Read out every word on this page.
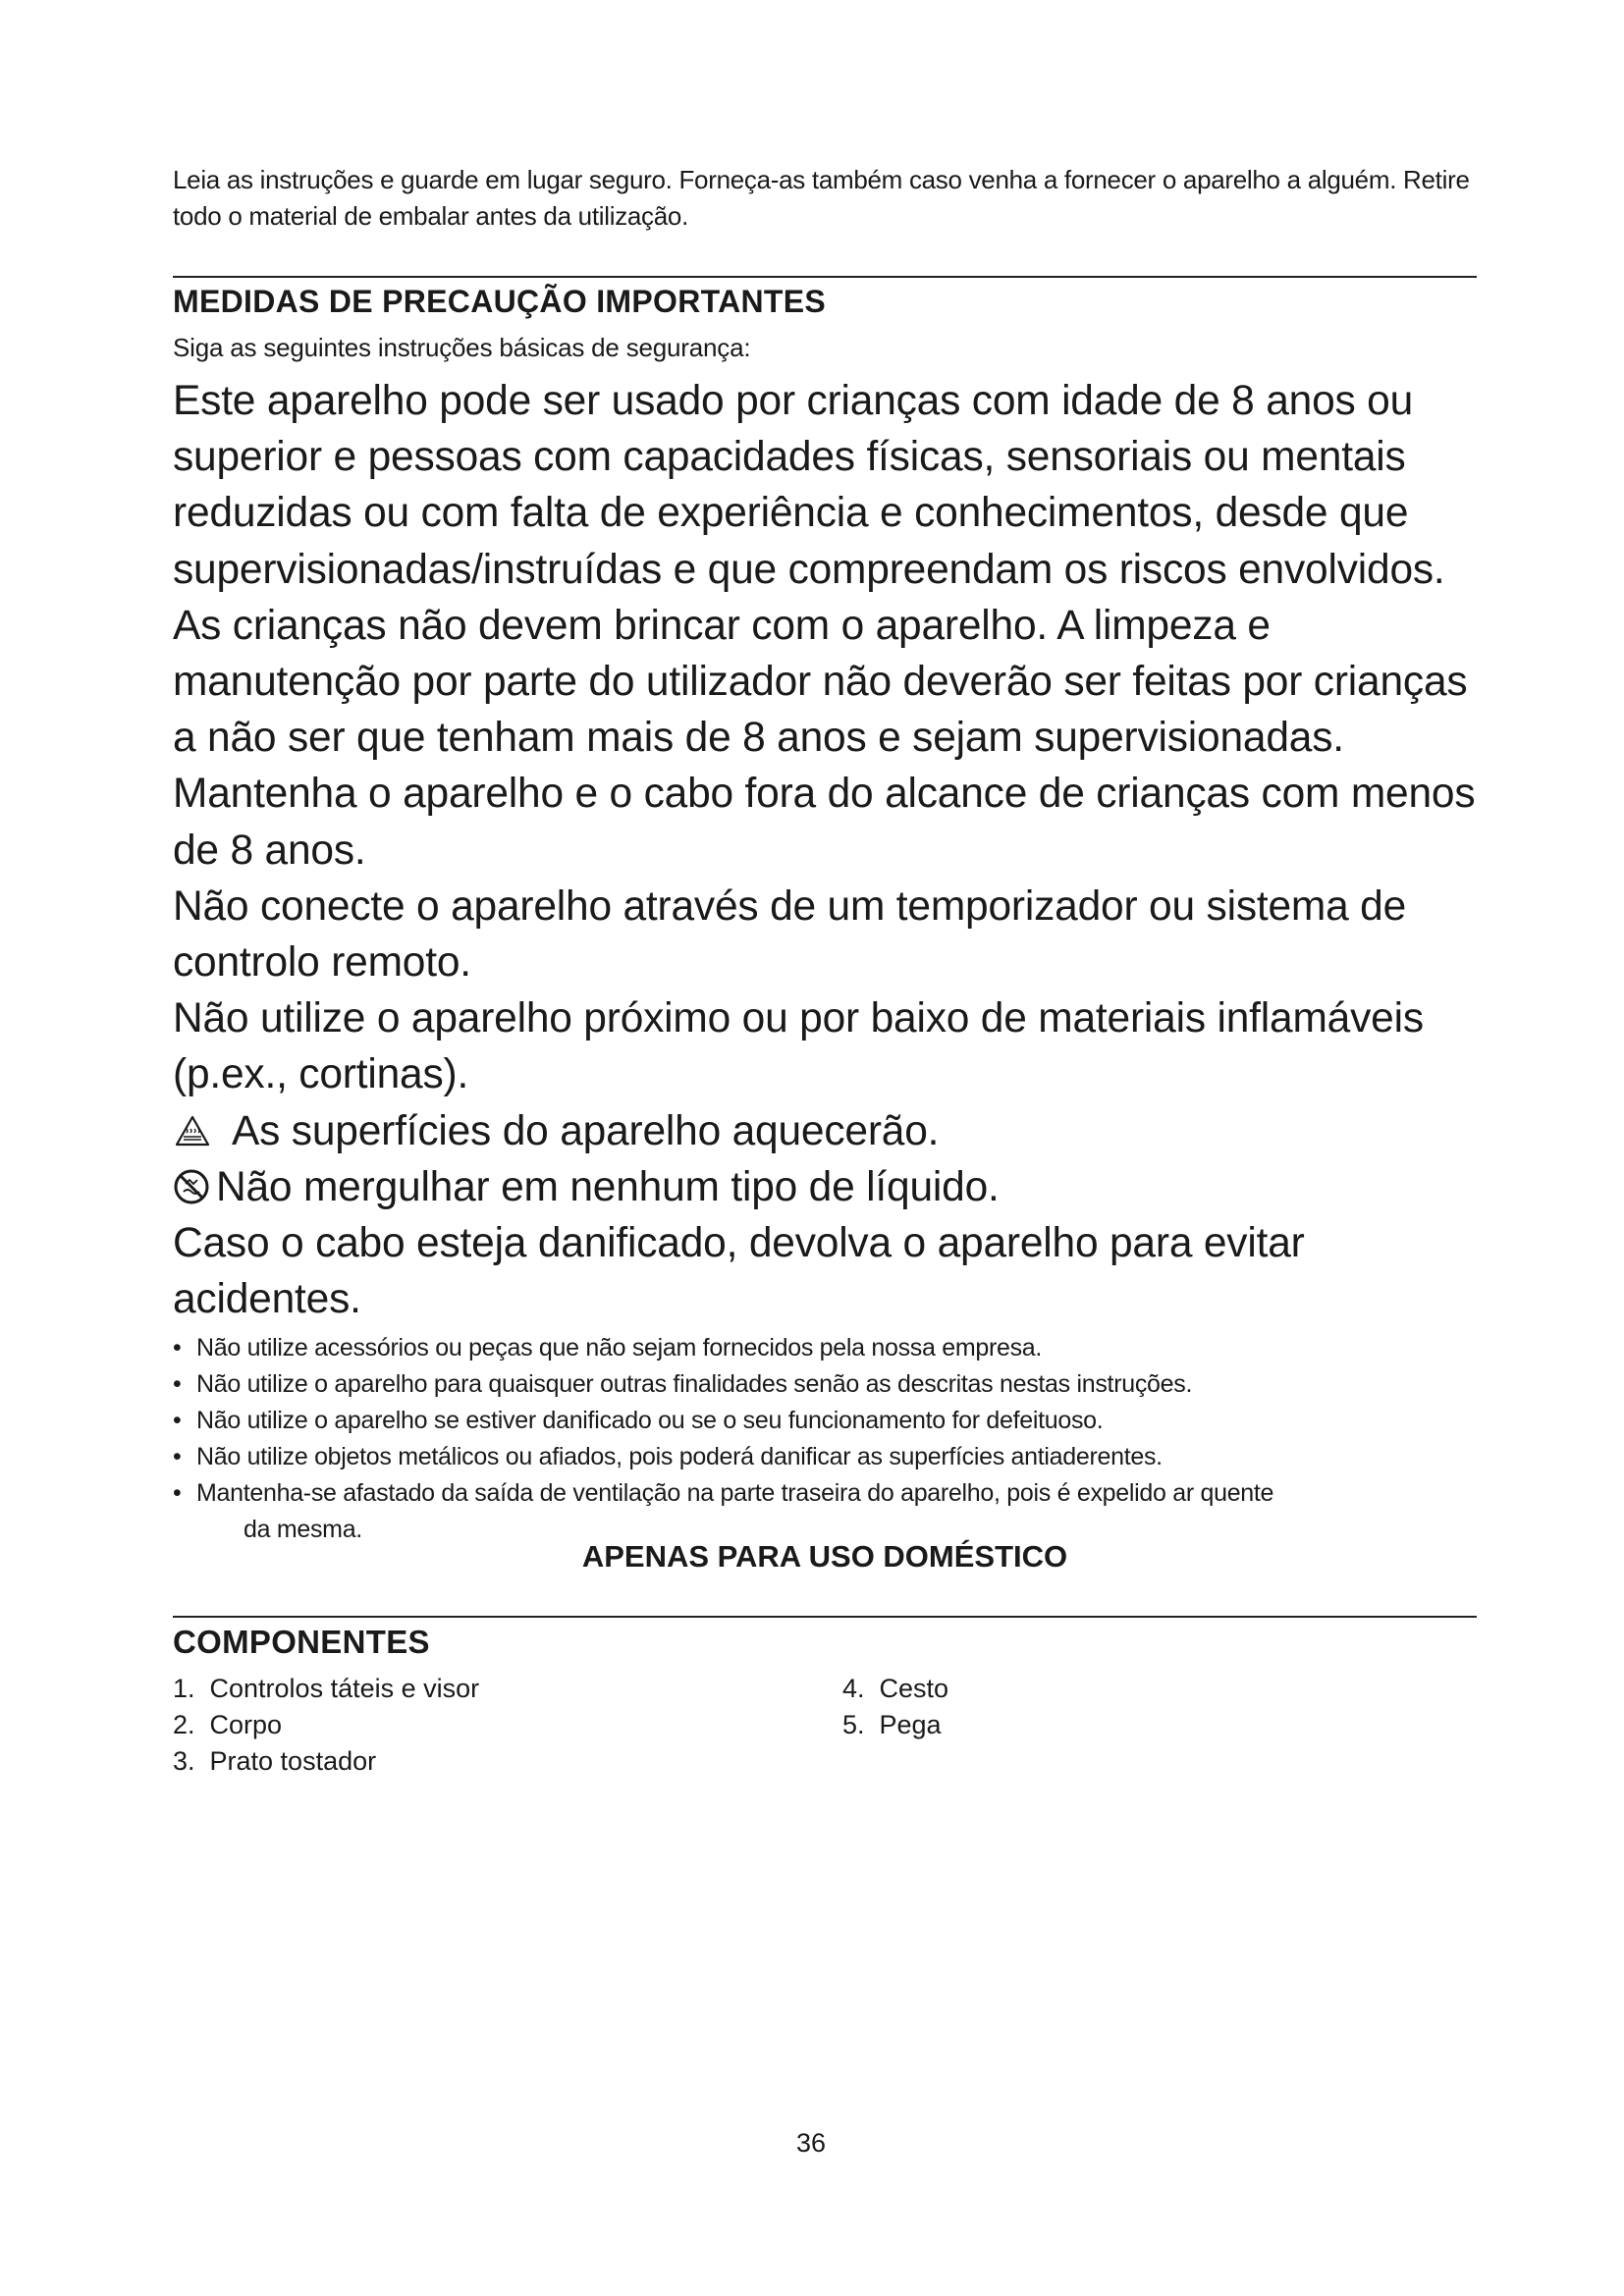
Leia as instruções e guarde em lugar seguro. Forneça-as também caso venha a fornecer o aparelho a alguém. Retire todo o material de embalar antes da utilização.

MEDIDAS DE PRECAUÇÃO IMPORTANTES
Siga as seguintes instruções básicas de segurança:

Este aparelho pode ser usado por crianças com idade de 8 anos ou superior e pessoas com capacidades físicas, sensoriais ou mentais reduzidas ou com falta de experiência e conhecimentos, desde que supervisionadas/instruídas e que compreendam os riscos envolvidos. As crianças não devem brincar com o aparelho. A limpeza e manutenção por parte do utilizador não deverão ser feitas por crianças a não ser que tenham mais de 8 anos e sejam supervisionadas. Mantenha o aparelho e o cabo fora do alcance de crianças com menos de 8 anos.

Não conecte o aparelho através de um temporizador ou sistema de controlo remoto.

Não utilize o aparelho próximo ou por baixo de materiais inflamáveis (p.ex., cortinas).

As superfícies do aparelho aquecerão.

Não mergulhar em nenhum tipo de líquido.

Caso o cabo esteja danificado, devolva o aparelho para evitar acidentes.

• Não utilize acessórios ou peças que não sejam fornecidos pela nossa empresa.
• Não utilize o aparelho para quaisquer outras finalidades senão as descritas nestas instruções.
• Não utilize o aparelho se estiver danificado ou se o seu funcionamento for defeituoso.
• Não utilize objetos metálicos ou afiados, pois poderá danificar as superfícies antiaderentes.
• Mantenha-se afastado da saída de ventilação na parte traseira do aparelho, pois é expelido ar quente
da mesma.
APENAS PARA USO DOMÉSTICO
COMPONENTES
1. Controlos táteis e visor
2. Corpo
3. Prato tostador
4. Cesto
5. Pega
36
